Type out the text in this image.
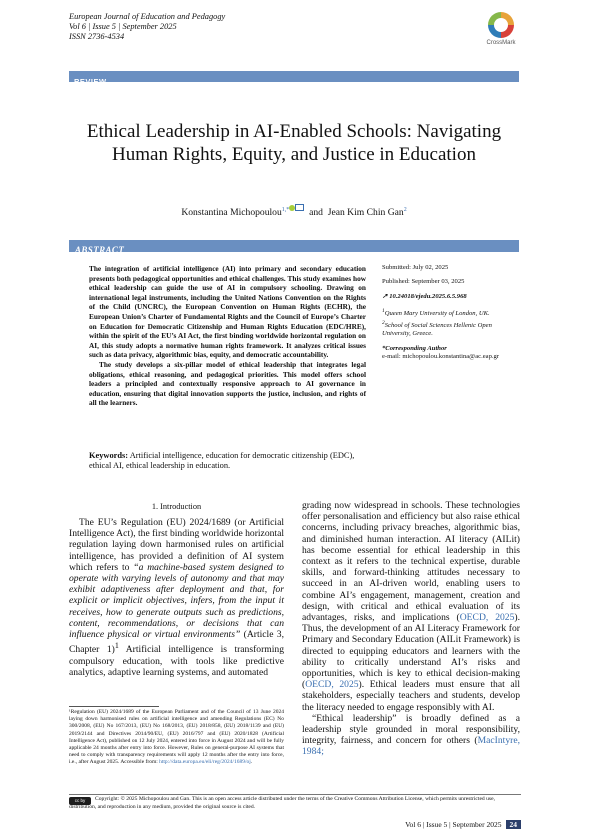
European Journal of Education and Pedagogy
Vol 6 | Issue 5 | September 2025
ISSN 2736-4534
CrossMark
REVIEW
Ethical Leadership in AI-Enabled Schools: Navigating Human Rights, Equity, and Justice in Education
Konstantina Michopoulou$^{1,*}$ and Jean Kim Chin Gan$^2$
ABSTRACT

The integration of artificial intelligence (AI) into primary and secondary education presents both pedagogical opportunities and ethical challenges. This study examines how ethical leadership can guide the use of AI in compulsory schooling. Drawing on international legal instruments, including the United Nations Convention on the Rights of the Child (UNCRC), the European Convention on Human Rights (ECHR), the European Union’s Charter of Fundamental Rights and the Council of Europe’s Charter on Education for Democratic Citizenship and Human Rights Education (EDC/HRE), within the spirit of the EU’s AI Act, the first binding worldwide horizontal regulation on AI, this study adopts a normative human rights framework. It analyzes critical issues such as data privacy, algorithmic bias, equity, and democratic accountability.

The study develops a six-pillar model of ethical leadership that integrates legal obligations, ethical reasoning, and pedagogical priorities. This model offers school leaders a principled and contextually responsive approach to AI governance in education, ensuring that digital innovation supports the justice, inclusion, and rights of all the learners.

Keywords: Artificial intelligence, education for democratic citizenship (EDC), ethical AI, ethical leadership in education.
Submitted: July 02, 2025
Published: September 03, 2025
↗ 10.24018/ejedu.2025.6.5.968
$^1$Queen Mary University of London, UK.
$^2$School of Social Sciences Hellenic Open University, Greece.
*Corresponding Author
e-mail: michopoulou.konstantina@ac.eap.gr
1. Introduction

The EU’s Regulation (EU) 2024/1689 (or Artificial Intelligence Act), the first binding worldwide horizontal regulation laying down harmonised rules on artificial intelligence, has provided a definition of AI system which refers to “a machine-based system designed to operate with varying levels of autonomy and that may exhibit adaptiveness after deployment and that, for explicit or implicit objectives, infers, from the input it receives, how to generate outputs such as predictions, content, recommendations, or decisions that can influence physical or virtual environments” (Article 3, Chapter 1)$^1$ Artificial intelligence is transforming compulsory education, with tools like predictive analytics, adaptive learning systems, and automated

grading now widespread in schools. These technologies offer personalisation and efficiency but also raise ethical concerns, including privacy breaches, algorithmic bias, and diminished human interaction. AI literacy (AILit) has become essential for ethical leadership in this context as it refers to the technical expertise, durable skills, and forward-thinking attitudes necessary to succeed in an AI-driven world, enabling users to combine AI’s engagement, management, creation and design, with critical and ethical evaluation of its advantages, risks, and implications (OECD, 2025). Thus, the development of an AI Literacy Framework for Primary and Secondary Education (AILit Framework) is directed to equipping educators and learners with the ability to critically understand AI’s risks and opportunities, which is key to ethical decision-making (OECD, 2025). Ethical leaders must ensure that all stakeholders, especially teachers and students, develop the literacy needed to engage responsibly with AI.

“Ethical leadership” is broadly defined as a leadership style grounded in moral responsibility, integrity, fairness, and concern for others (MacIntyre, 1984;

¹Regulation (EU) 2024/1689 of the European Parliament and of the Council of 13 June 2024 laying down harmonised rules on artificial intelligence and amending Regulations (EC) No 300/2008, (EU) No 167/2013, (EU) No 168/2013, (EU) 2018/858, (EU) 2018/1139 and (EU) 2019/2144 and Directives 2014/90/EU, (EU) 2016/797 and (EU) 2020/1828 (Artificial Intelligence Act), published on 12 July 2024, entered into force in August 2024 and will be fully applicable 24 months after entry into force. However, Rules on general-purpose AI systems that need to comply with transparency requirements will apply 12 months after the entry into force, i.e., after August 2025. Accessible from: http://data.europa.eu/eli/reg/2024/1689/oj.
cc by	Copyright: © 2025 Michopoulou and Gan. This is an open access article distributed under the terms of the Creative Commons Attribution License, which permits unrestricted use, distribution, and reproduction in any medium, provided the original source is cited.
Vol 6 | Issue 5 | September 2025 24
